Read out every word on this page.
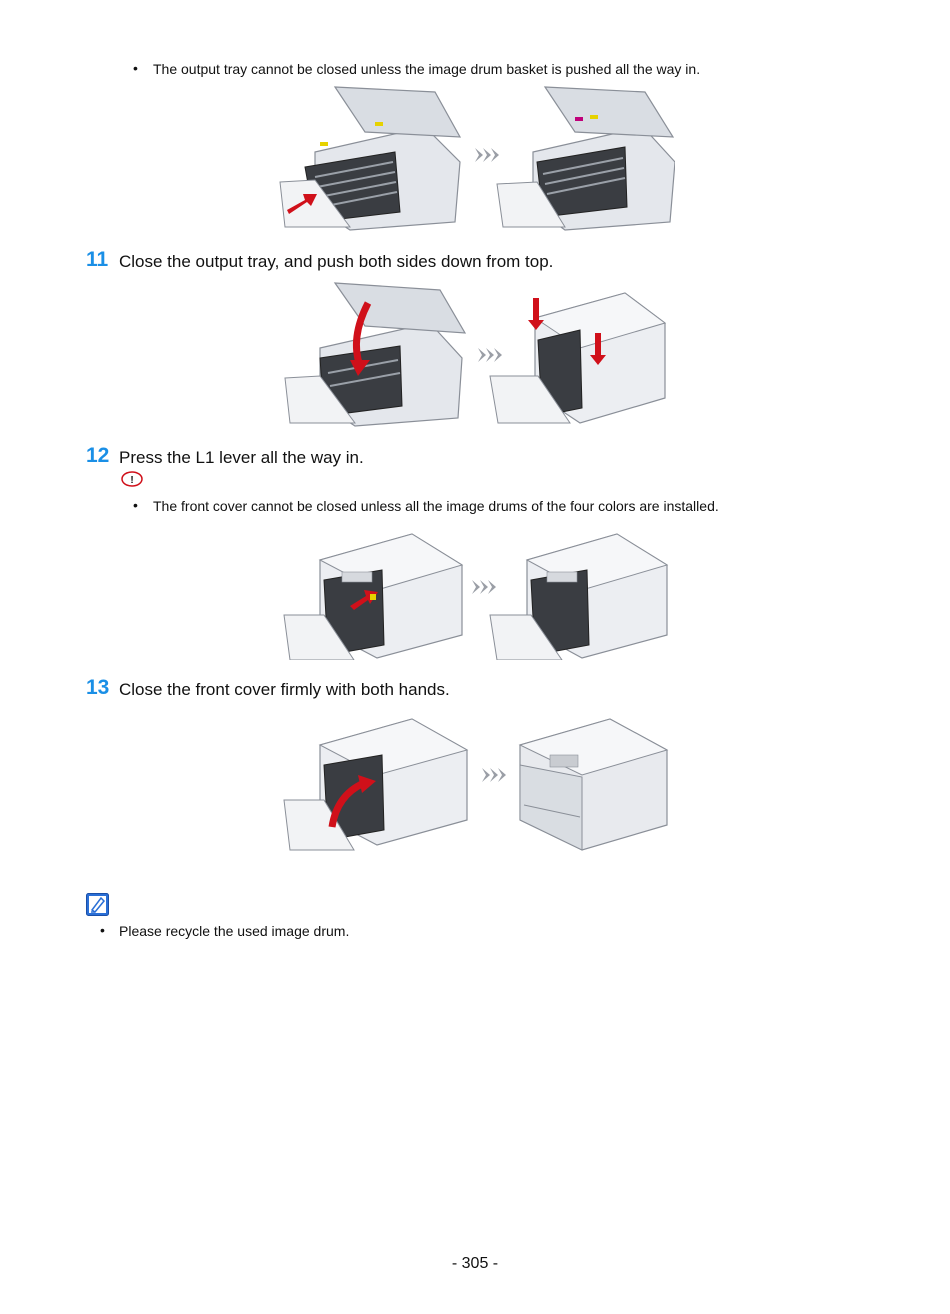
• The output tray cannot be closed unless the image drum basket is pushed all the way in.
11 Close the output tray, and push both sides down from top.
12 Press the L1 lever all the way in.
!
• The front cover cannot be closed unless all the image drums of the four colors are installed.
13 Close the front cover firmly with both hands.
• Please recycle the used image drum.
- 305 -
